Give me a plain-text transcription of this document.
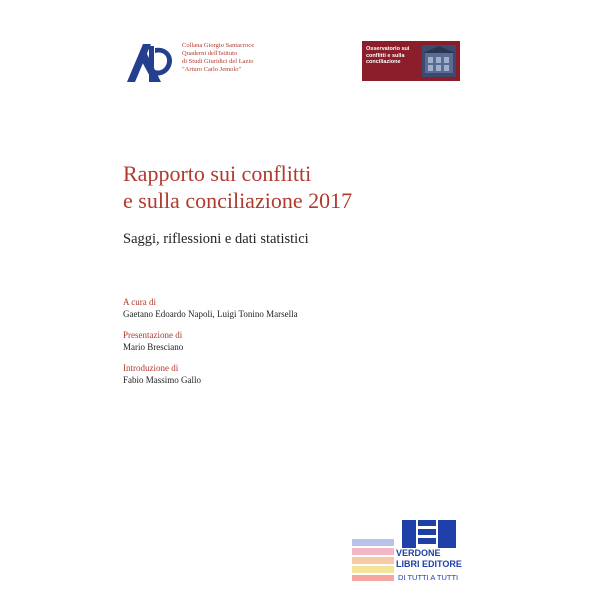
Collana Giorgio Santacroce
Quaderni dell'Istituto
di Studi Giuridici del Lazio
"Arturo Carlo Jemolo"
Osservatorio sui
conflitti e sulla
conciliazione
Rapporto sui conflitti
e sulla conciliazione 2017
Saggi, riflessioni e dati statistici
A cura di
Gaetano Edoardo Napoli, Luigi Tonino Marsella
Presentazione di
Mario Bresciano
Introduzione di
Fabio Massimo Gallo
VERDONE
LIBRI EDITORE
DI TUTTI A TUTTI
